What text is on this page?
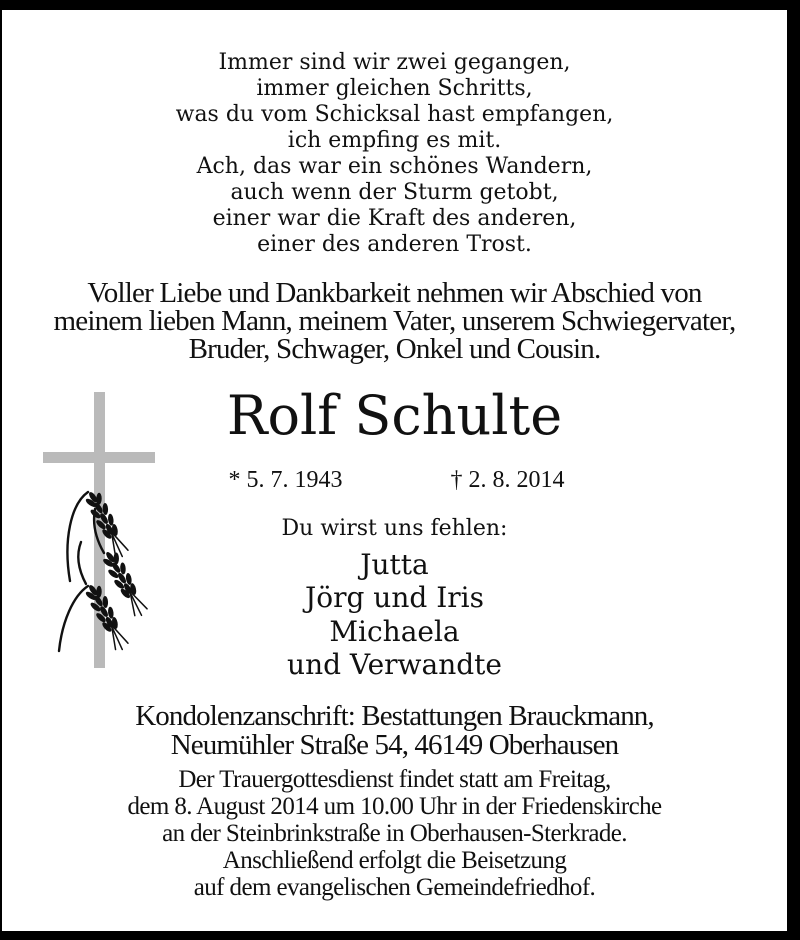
Immer sind wir zwei gegangen,
immer gleichen Schritts,
was du vom Schicksal hast empfangen,
ich empfing es mit.
Ach, das war ein schönes Wandern,
auch wenn der Sturm getobt,
einer war die Kraft des anderen,
einer des anderen Trost.
Voller Liebe und Dankbarkeit nehmen wir Abschied von
meinem lieben Mann, meinem Vater, unserem Schwiegervater,
Bruder, Schwager, Onkel und Cousin.
Rolf Schulte
* 5. 7. 1943	† 2. 8. 2014
Du wirst uns fehlen:
Jutta
Jörg und Iris
Michaela
und Verwandte
Kondolenzanschrift: Bestattungen Brauckmann,
Neumühler Straße 54, 46149 Oberhausen
Der Trauergottesdienst findet statt am Freitag,
dem 8. August 2014 um 10.00 Uhr in der Friedenskirche
an der Steinbrinkstraße in Oberhausen-Sterkrade.
Anschließend erfolgt die Beisetzung
auf dem evangelischen Gemeindefriedhof.
